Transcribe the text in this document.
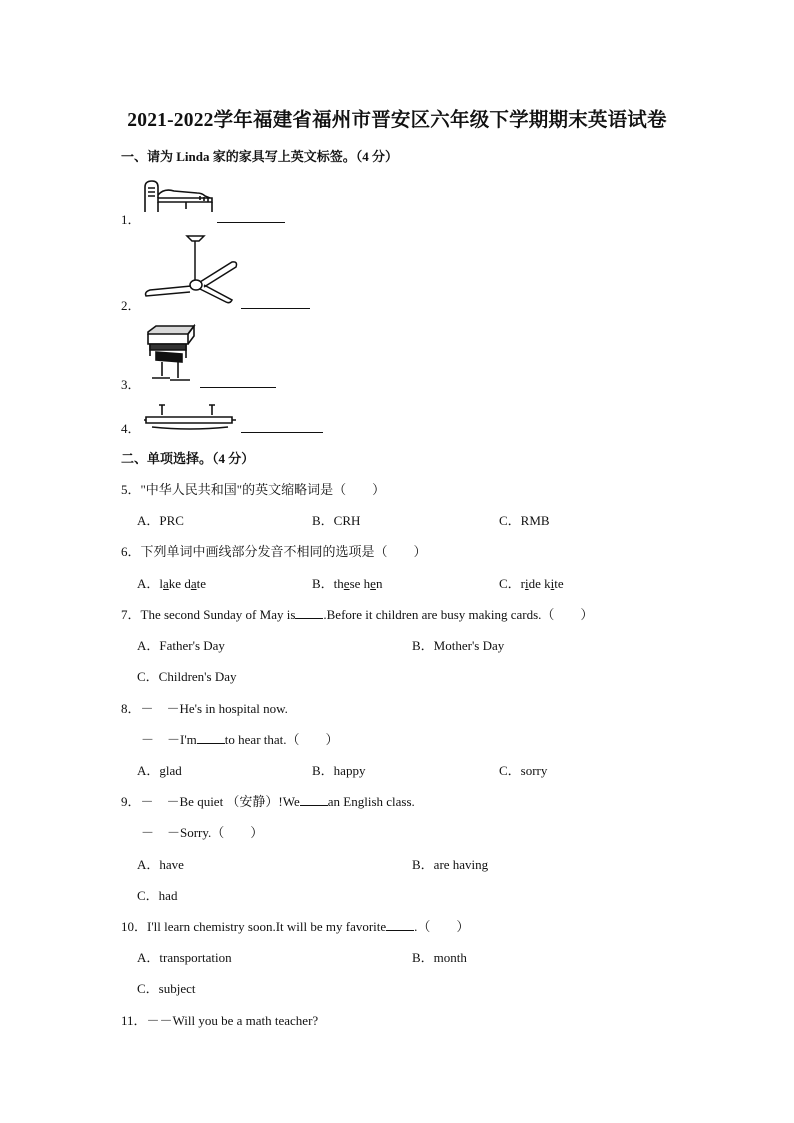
2021-2022学年福建省福州市晋安区六年级下学期期末英语试卷
一、请为 Linda 家的家具写上英文标签。（4 分）
1．
2．
3．
4．
二、单项选择。（4 分）
5．"中华人民共和国"的英文缩略词是（　　）
A．PRC	B．CRH	C．RMB
6．下列单词中画线部分发音不相同的选项是（　　）
A．lake date	B．these hen	C．ride kite
7．The second Sunday of May is .Before it children are busy making cards.（　　）
A．Father's Day	B．Mother's Day
C．Children's Day
8．－　－He's in hospital now.
－　－I'm to hear that.（　　）
A．glad	B．happy	C．sorry
9．－　－Be quiet （安静）!We an English class.
－　－Sorry.（　　）
A．have	B．are having
C．had
10．I'll learn chemistry soon.It will be my favorite .（　　）
A．transportation	B．month
C．subject
11．－－Will you be a math teacher?
